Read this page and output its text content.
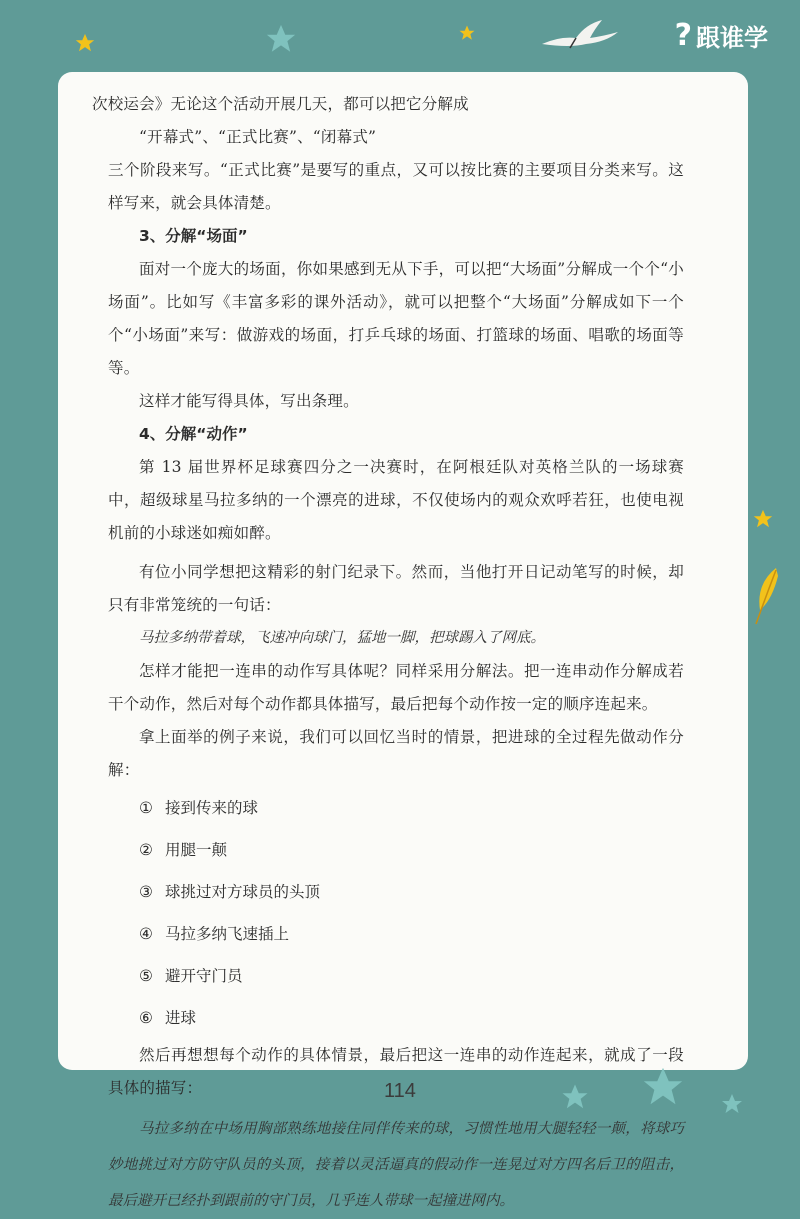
? 跟谁学

次校运会》无论这个活动开展几天，都可以把它分解成

“开幕式”、“正式比赛”、“闭幕式”

三个阶段来写。“正式比赛”是要写的重点，又可以按比赛的主要项目分类来写。这样写来，就会具体清楚。

3、分解“场面”

面对一个庞大的场面，你如果感到无从下手，可以把“大场面”分解成一个个“小场面”。比如写《丰富多彩的课外活动》，就可以把整个“大场面”分解成如下一个个“小场面”来写：做游戏的场面，打乒乓球的场面、打篮球的场面、唱歌的场面等等。

这样才能写得具体，写出条理。

4、分解“动作”

第 13 届世界杯足球赛四分之一决赛时，在阿根廷队对英格兰队的一场球赛中，超级球星马拉多纳的一个漂亮的进球，不仅使场内的观众欢呼若狂，也使电视机前的小球迷如痴如醉。

有位小同学想把这精彩的射门纪录下。然而，当他打开日记动笔写的时候，却只有非常笼统的一句话：

马拉多纳带着球，飞速冲向球门，猛地一脚，把球踢入了网底。

怎样才能把一连串的动作写具体呢？同样采用分解法。把一连串动作分解成若干个动作，然后对每个动作都具体描写，最后把每个动作按一定的顺序连起来。

拿上面举的例子来说，我们可以回忆当时的情景，把进球的全过程先做动作分解：

① 接到传来的球
② 用腿一颠
③ 球挑过对方球员的头顶
④ 马拉多纳飞速插上
⑤ 避开守门员
⑥ 进球

然后再想想每个动作的具体情景，最后把这一连串的动作连起来，就成了一段具体的描写：

马拉多纳在中场用胸部熟练地接住同伴传来的球，习惯性地用大腿轻轻一颠，将球巧妙地挑过对方防守队员的头顶，接着以灵活逼真的假动作一连晃过对方四名后卫的阻击，最后避开已经扑到跟前的守门员，几乎连人带球一起撞进网内。

114
